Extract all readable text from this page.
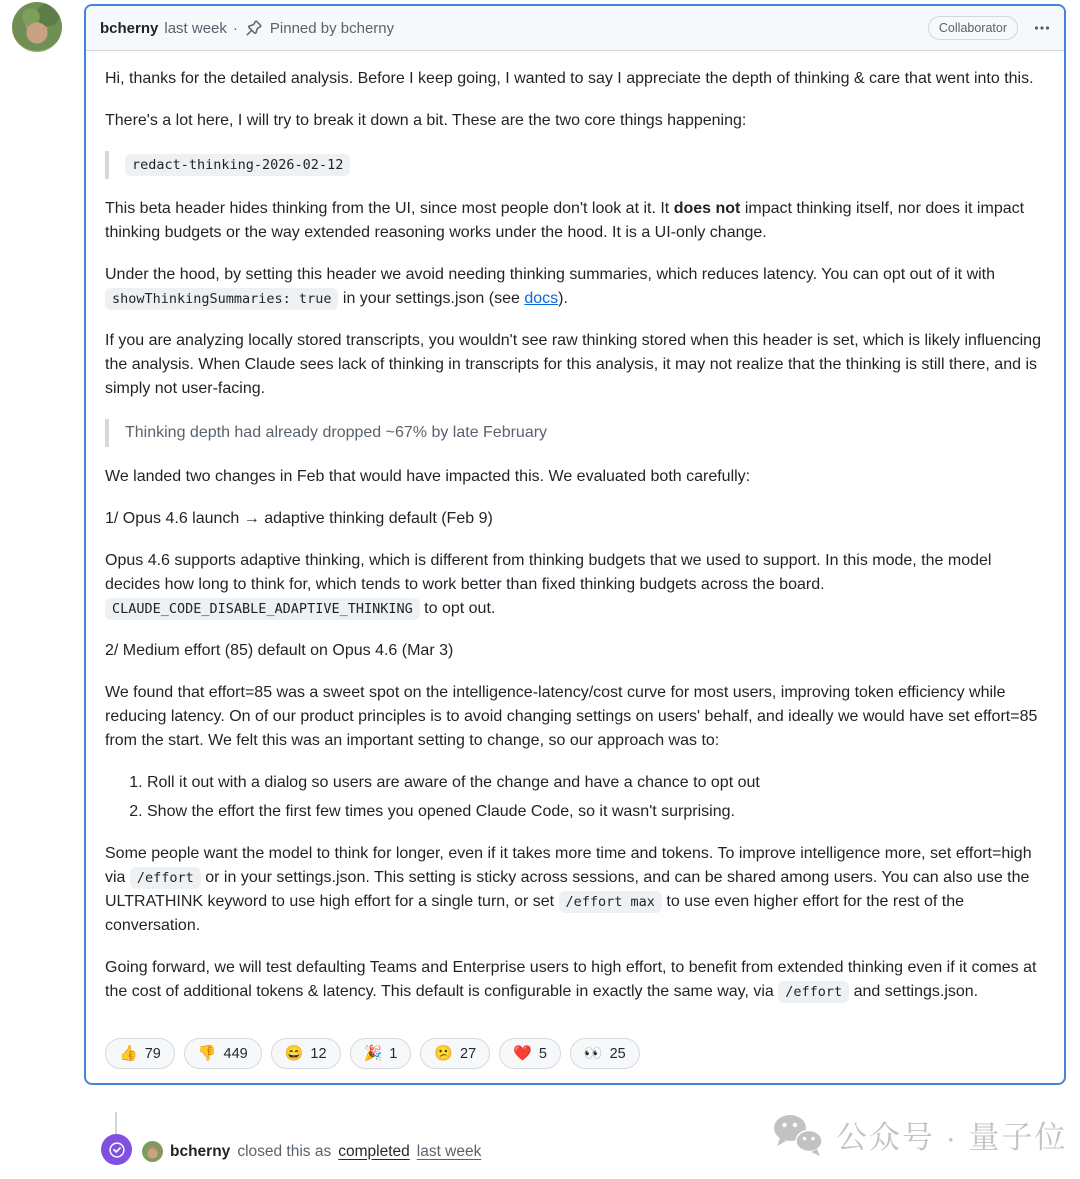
bcherny last week · Pinned by bcherny	Collaborator

Hi, thanks for the detailed analysis. Before I keep going, I wanted to say I appreciate the depth of thinking & care that went into this.

There's a lot here, I will try to break it down a bit. These are the two core things happening:

redact-thinking-2026-02-12

This beta header hides thinking from the UI, since most people don't look at it. It does not impact thinking itself, nor does it impact thinking budgets or the way extended reasoning works under the hood. It is a UI-only change.

Under the hood, by setting this header we avoid needing thinking summaries, which reduces latency. You can opt out of it with showThinkingSummaries: true in your settings.json (see docs).

If you are analyzing locally stored transcripts, you wouldn't see raw thinking stored when this header is set, which is likely influencing the analysis. When Claude sees lack of thinking in transcripts for this analysis, it may not realize that the thinking is still there, and is simply not user-facing.

Thinking depth had already dropped ~67% by late February

We landed two changes in Feb that would have impacted this. We evaluated both carefully:

1/ Opus 4.6 launch → adaptive thinking default (Feb 9)

Opus 4.6 supports adaptive thinking, which is different from thinking budgets that we used to support. In this mode, the model decides how long to think for, which tends to work better than fixed thinking budgets across the board. CLAUDE_CODE_DISABLE_ADAPTIVE_THINKING to opt out.

2/ Medium effort (85) default on Opus 4.6 (Mar 3)

We found that effort=85 was a sweet spot on the intelligence-latency/cost curve for most users, improving token efficiency while reducing latency. On of our product principles is to avoid changing settings on users' behalf, and ideally we would have set effort=85 from the start. We felt this was an important setting to change, so our approach was to:

1. Roll it out with a dialog so users are aware of the change and have a chance to opt out
2. Show the effort the first few times you opened Claude Code, so it wasn't surprising.

Some people want the model to think for longer, even if it takes more time and tokens. To improve intelligence more, set effort=high via /effort or in your settings.json. This setting is sticky across sessions, and can be shared among users. You can also use the ULTRATHINK keyword to use high effort for a single turn, or set /effort max to use even higher effort for the rest of the conversation.

Going forward, we will test defaulting Teams and Enterprise users to high effort, to benefit from extended thinking even if it comes at the cost of additional tokens & latency. This default is configurable in exactly the same way, via /effort and settings.json.

👍 79 👎 449 😄 12 🎉 1 😕 27 ❤️ 5 👀 25
bcherny closed this as completed last week	公众号 · 量子位
